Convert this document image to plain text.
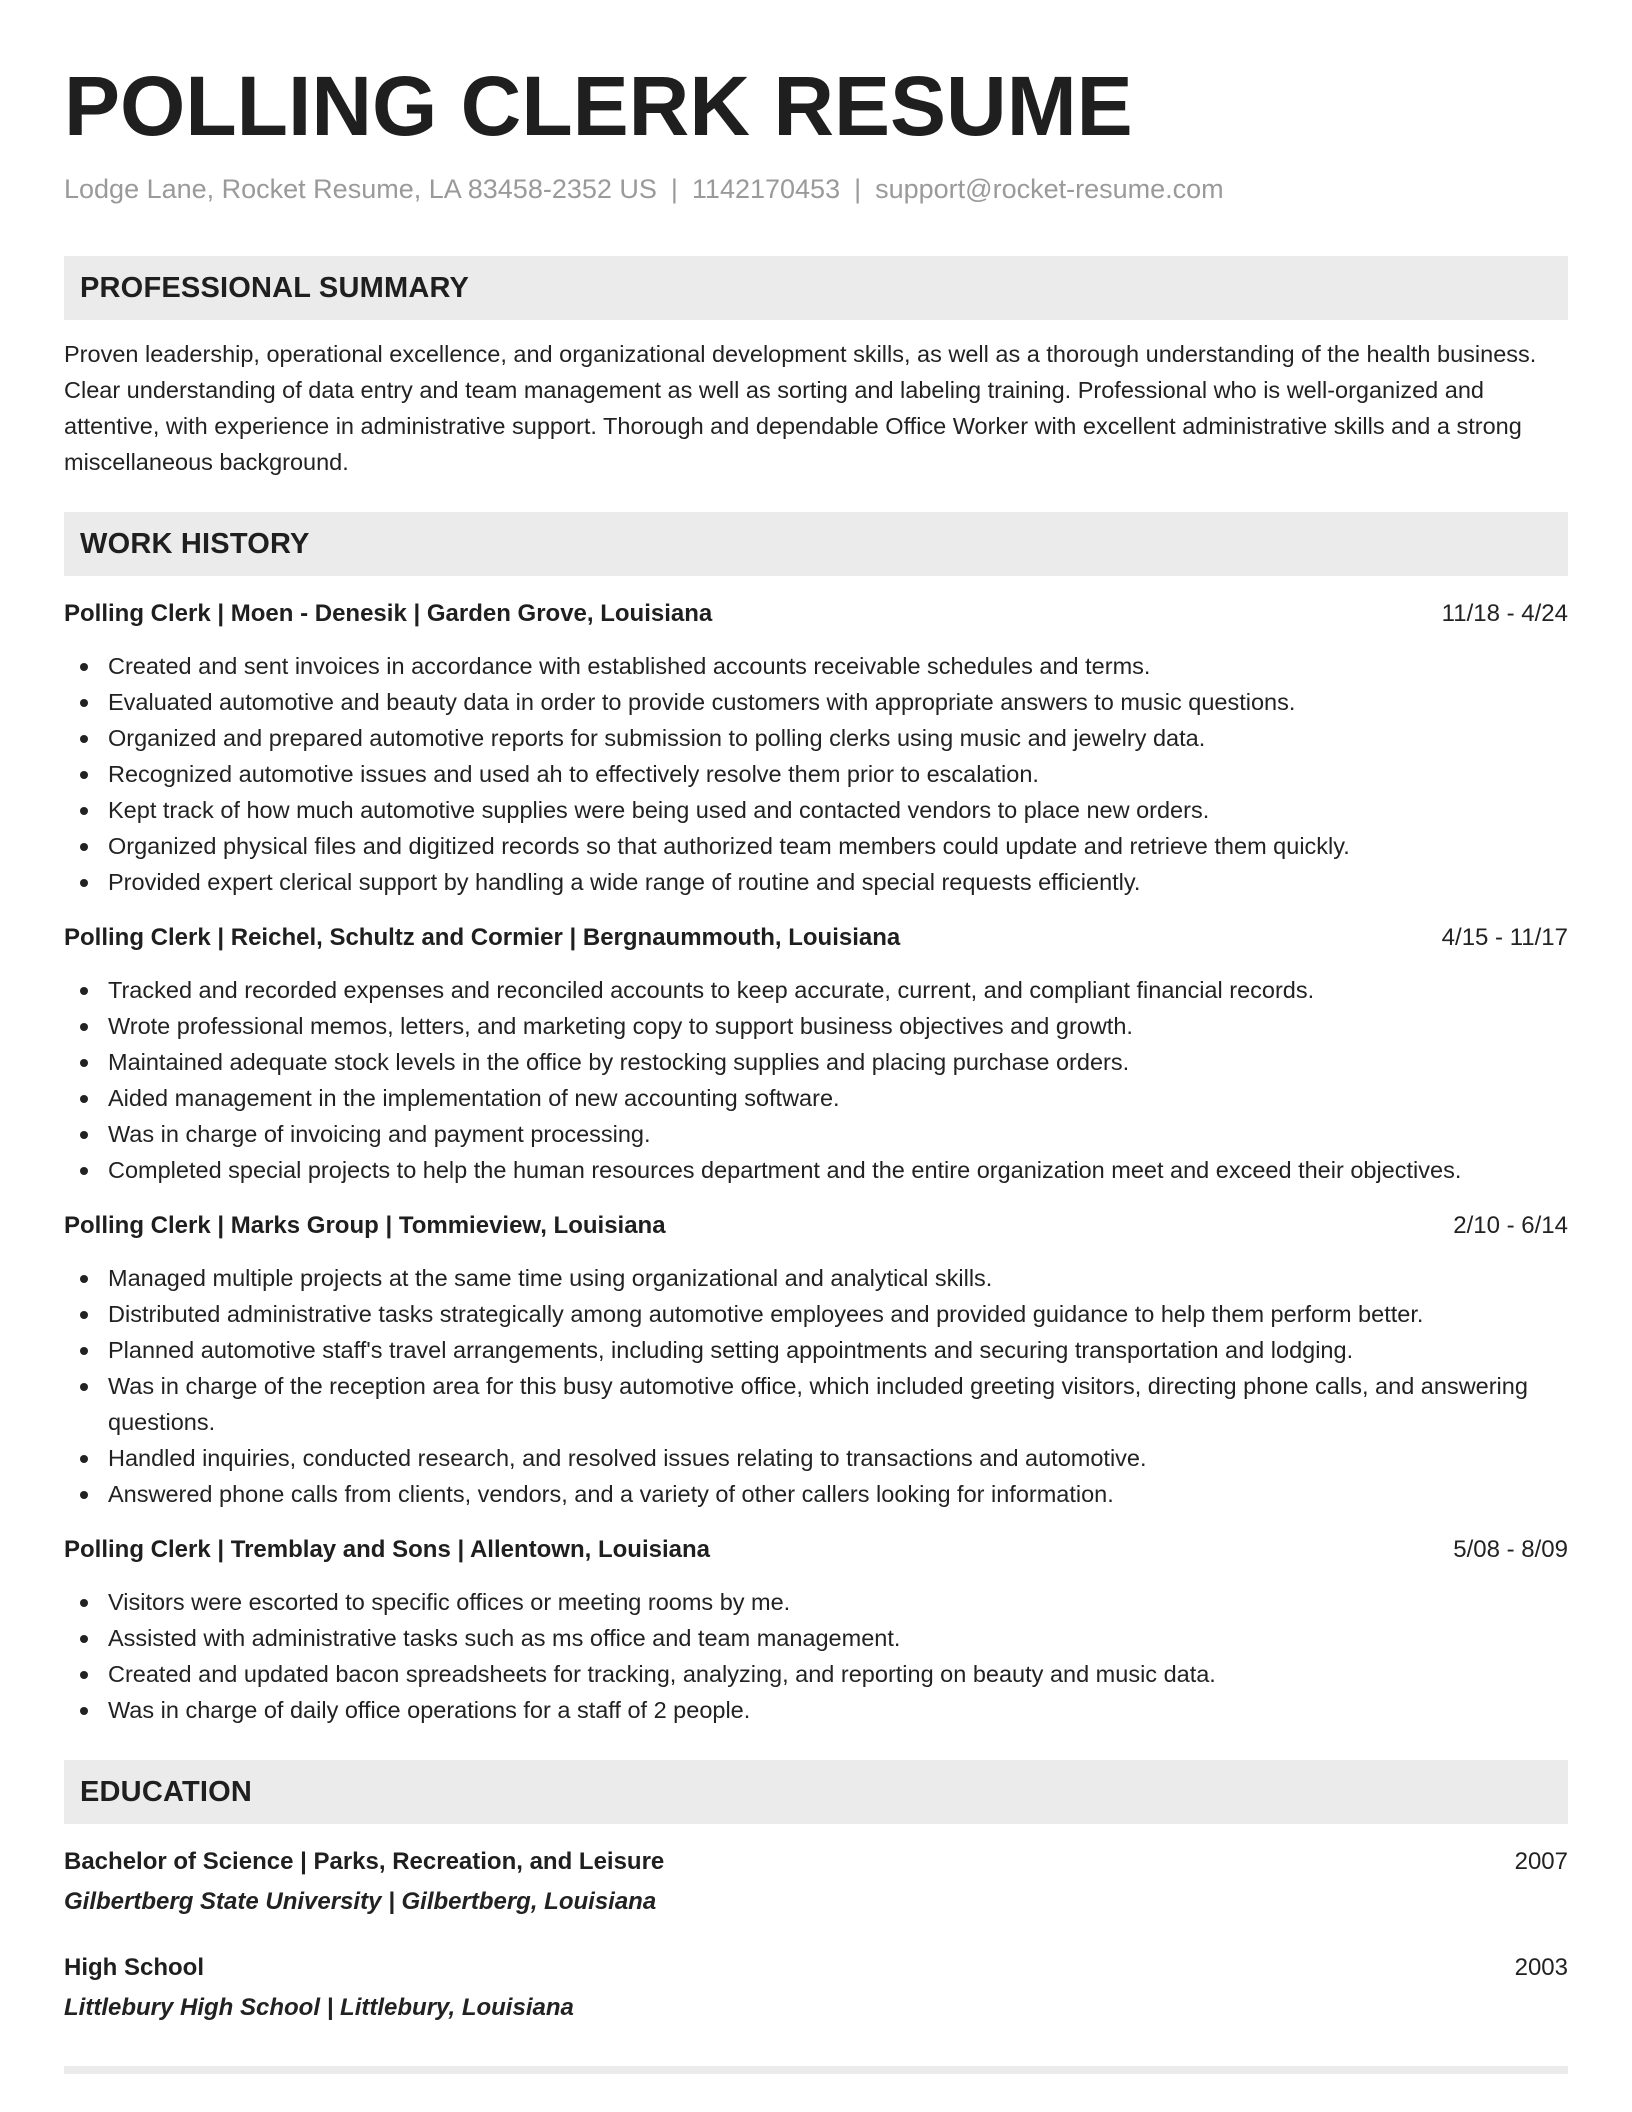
POLLING CLERK RESUME
Lodge Lane, Rocket Resume, LA 83458-2352 US | 1142170453 | support@rocket-resume.com
PROFESSIONAL SUMMARY
Proven leadership, operational excellence, and organizational development skills, as well as a thorough understanding of the health business. Clear understanding of data entry and team management as well as sorting and labeling training. Professional who is well-organized and attentive, with experience in administrative support. Thorough and dependable Office Worker with excellent administrative skills and a strong miscellaneous background.
WORK HISTORY
Polling Clerk | Moen - Denesik | Garden Grove, Louisiana	11/18 - 4/24
Created and sent invoices in accordance with established accounts receivable schedules and terms.
Evaluated automotive and beauty data in order to provide customers with appropriate answers to music questions.
Organized and prepared automotive reports for submission to polling clerks using music and jewelry data.
Recognized automotive issues and used ah to effectively resolve them prior to escalation.
Kept track of how much automotive supplies were being used and contacted vendors to place new orders.
Organized physical files and digitized records so that authorized team members could update and retrieve them quickly.
Provided expert clerical support by handling a wide range of routine and special requests efficiently.
Polling Clerk | Reichel, Schultz and Cormier | Bergnaummouth, Louisiana	4/15 - 11/17
Tracked and recorded expenses and reconciled accounts to keep accurate, current, and compliant financial records.
Wrote professional memos, letters, and marketing copy to support business objectives and growth.
Maintained adequate stock levels in the office by restocking supplies and placing purchase orders.
Aided management in the implementation of new accounting software.
Was in charge of invoicing and payment processing.
Completed special projects to help the human resources department and the entire organization meet and exceed their objectives.
Polling Clerk | Marks Group | Tommieview, Louisiana	2/10 - 6/14
Managed multiple projects at the same time using organizational and analytical skills.
Distributed administrative tasks strategically among automotive employees and provided guidance to help them perform better.
Planned automotive staff's travel arrangements, including setting appointments and securing transportation and lodging.
Was in charge of the reception area for this busy automotive office, which included greeting visitors, directing phone calls, and answering questions.
Handled inquiries, conducted research, and resolved issues relating to transactions and automotive.
Answered phone calls from clients, vendors, and a variety of other callers looking for information.
Polling Clerk | Tremblay and Sons | Allentown, Louisiana	5/08 - 8/09
Visitors were escorted to specific offices or meeting rooms by me.
Assisted with administrative tasks such as ms office and team management.
Created and updated bacon spreadsheets for tracking, analyzing, and reporting on beauty and music data.
Was in charge of daily office operations for a staff of 2 people.
EDUCATION
Bachelor of Science | Parks, Recreation, and Leisure	2007
Gilbertberg State University | Gilbertberg, Louisiana
High School	2003
Littlebury High School | Littlebury, Louisiana
